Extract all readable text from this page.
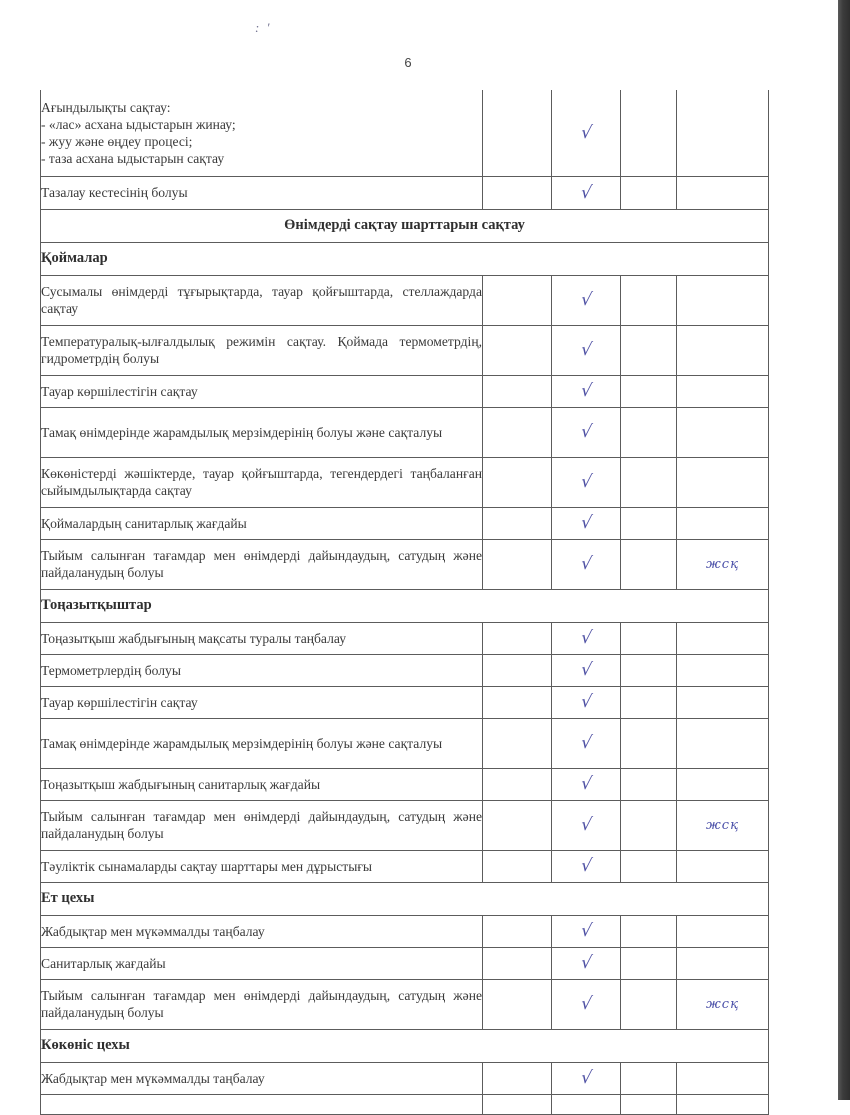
: '
6
Ағындылықты сақтау:
- «лас» асхана ыдыстарын жинау;
- жуу және өңдеу процесі;
- таза асхана ыдыстарын сақтау		√		
Тазалау кестесінің болуы		√		
Өнімдерді сақтау шарттарын сақтау				
Қоймалар				
Сусымалы өнімдерді тұғырықтарда, тауар қойғыштарда, стеллаждарда сақтау		√		
Температуралық-ылғалдылық режимін сақтау. Қоймада термометрдің, гидрометрдің болуы		√		
Тауар көршілестігін сақтау		√		
Тамақ өнімдерінде жарамдылық мерзімдерінің болуы және сақталуы		√		
Көкөністерді жәшіктерде, тауар қойғыштарда, тегендердегі таңбаланған сыйымдылықтарда сақтау		√		
Қоймалардың санитарлық жағдайы		√		
Тыйым салынған тағамдар мен өнімдерді дайындаудың, сатудың және пайдаланудың болуы		√		жсқ
Тоңазытқыштар				
Тоңазытқыш жабдығының мақсаты туралы таңбалау		√		
Термометрлердің болуы		√		
Тауар көршілестігін сақтау		√		
Тамақ өнімдерінде жарамдылық мерзімдерінің болуы және сақталуы		√		
Тоңазытқыш жабдығының санитарлық жағдайы		√		
Тыйым салынған тағамдар мен өнімдерді дайындаудың, сатудың және пайдаланудың болуы		√		жсқ
Тәуліктік сынамаларды сақтау шарттары мен дұрыстығы		√		
Ет цехы				
Жабдықтар мен мүкәммалды таңбалау		√		
Санитарлық жағдайы		√		
Тыйым салынған тағамдар мен өнімдерді дайындаудың, сатудың және пайдаланудың болуы		√		жсқ
Көкөніс цехы				
Жабдықтар мен мүкәммалды таңбалау		√		
